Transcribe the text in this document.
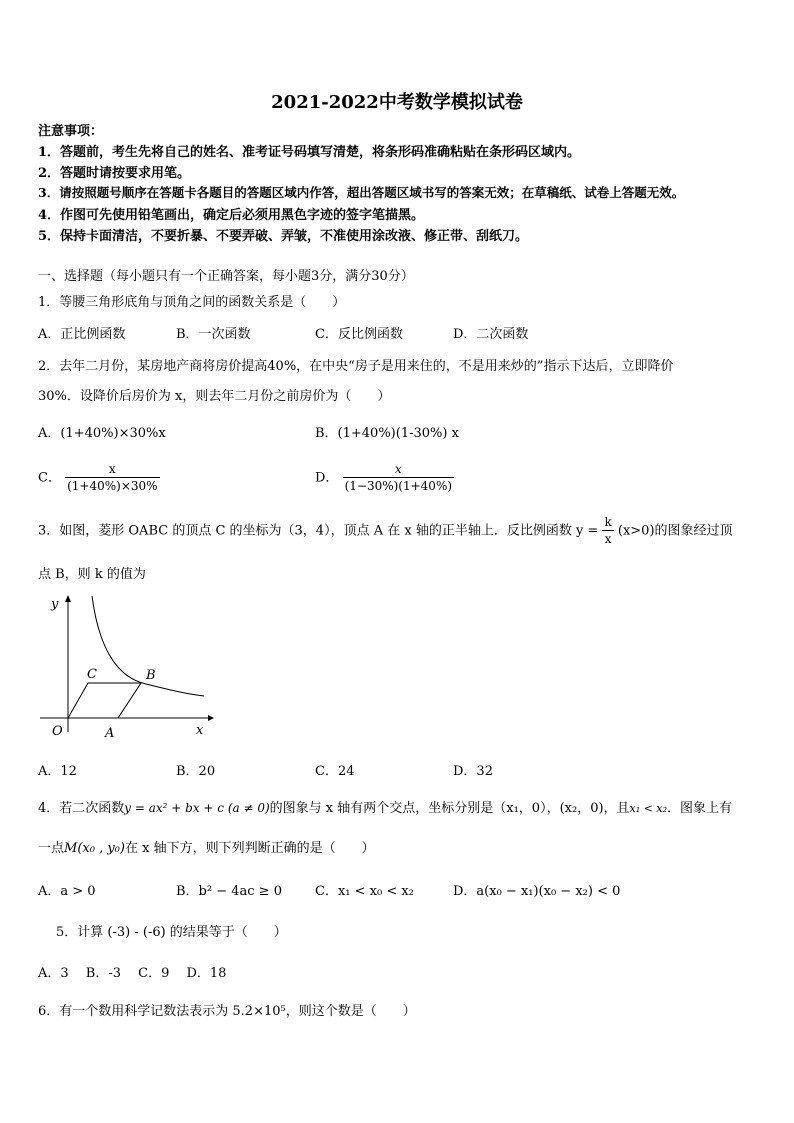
2021-2022中考数学模拟试卷
注意事项：
1．答题前，考生先将自己的姓名、准考证号码填写清楚，将条形码准确粘贴在条形码区域内。
2．答题时请按要求用笔。
3．请按照题号顺序在答题卡各题目的答题区域内作答，超出答题区域书写的答案无效；在草稿纸、试卷上答题无效。
4．作图可先使用铅笔画出，确定后必须用黑色字迹的签字笔描黑。
5．保持卡面清洁，不要折暴、不要弄破、弄皱，不准使用涂改液、修正带、刮纸刀。
一、选择题（每小题只有一个正确答案，每小题3分，满分30分）
1．等腰三角形底角与顶角之间的函数关系是（　　）
A．正比例函数	B．一次函数	C．反比例函数	D．二次函数
2．去年二月份，某房地产商将房价提高40%，在中央“房子是用来住的，不是用来炒的”指示下达后，立即降价
30%．设降价后房价为 x，则去年二月份之前房价为（　　）
A．(1+40%)×30%x	B．(1+40%)(1-30%) x
C． $\frac{x}{(1+40\%)\times 30\%}$	D． $\frac{x}{(1-30\%)(1+40\%)}$
3．如图，菱形 OABC 的顶点 C 的坐标为（3，4），顶点 A 在 x 轴的正半轴上．反比例函数 $y = \frac{k}{x} (x>0)$的图象经过顶
点 B，则 k 的值为
y
x
O	A
B
C
A．12	B．20	C．24	D．32
4．若二次函数y = ax² + bx + c (a ≠ 0)的图象与 x 轴有两个交点，坐标分别是（x₁，0），(x₂，0)，且x₁ < x₂．图象上有
一点M(x₀ , y₀)在 x 轴下方，则下列判断正确的是（　　）
A．a > 0	B．b² − 4ac ≥ 0	C．x₁ < x₀ < x₂	D．a(x₀ − x₁)(x₀ − x₂) < 0
5．计算 (-3) - (-6) 的结果等于（　　）
A．3　 B．-3　 C．9　 D．18
6．有一个数用科学记数法表示为 5.2×10⁵，则这个数是（　　）
